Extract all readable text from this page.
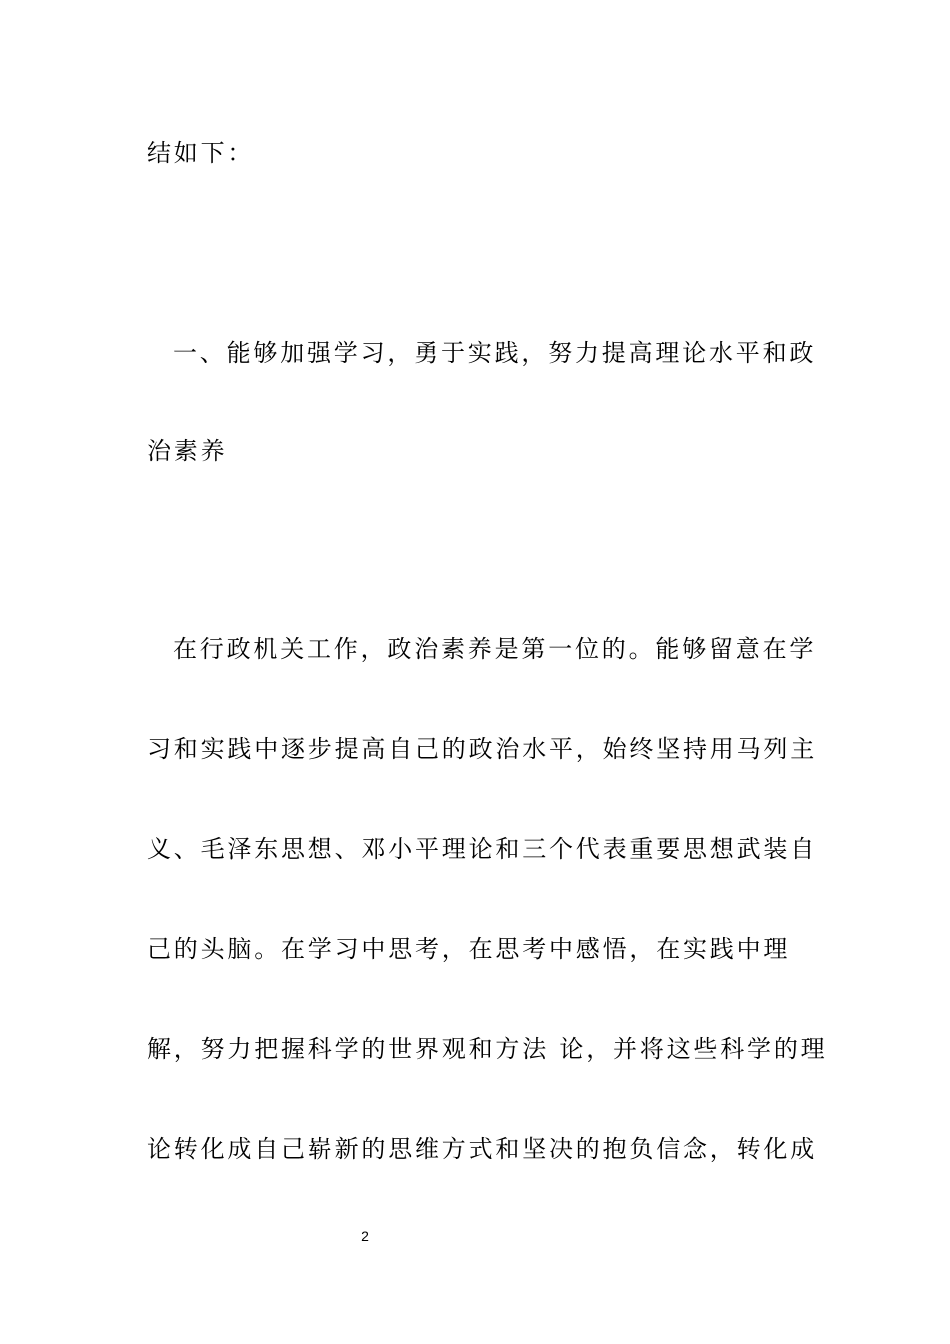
结如下：
一、能够加强学习，勇于实践，努力提高理论水平和政
治素养
在行政机关工作，政治素养是第一位的。能够留意在学
习和实践中逐步提高自己的政治水平，始终坚持用马列主
义、毛泽东思想、邓小平理论和三个代表重要思想武装自
己的头脑。在学习中思考，在思考中感悟，在实践中理
解，努力把握科学的世界观和方法 论，并将这些科学的理
论转化成自己崭新的思维方式和坚决的抱负信念，转化成
2
